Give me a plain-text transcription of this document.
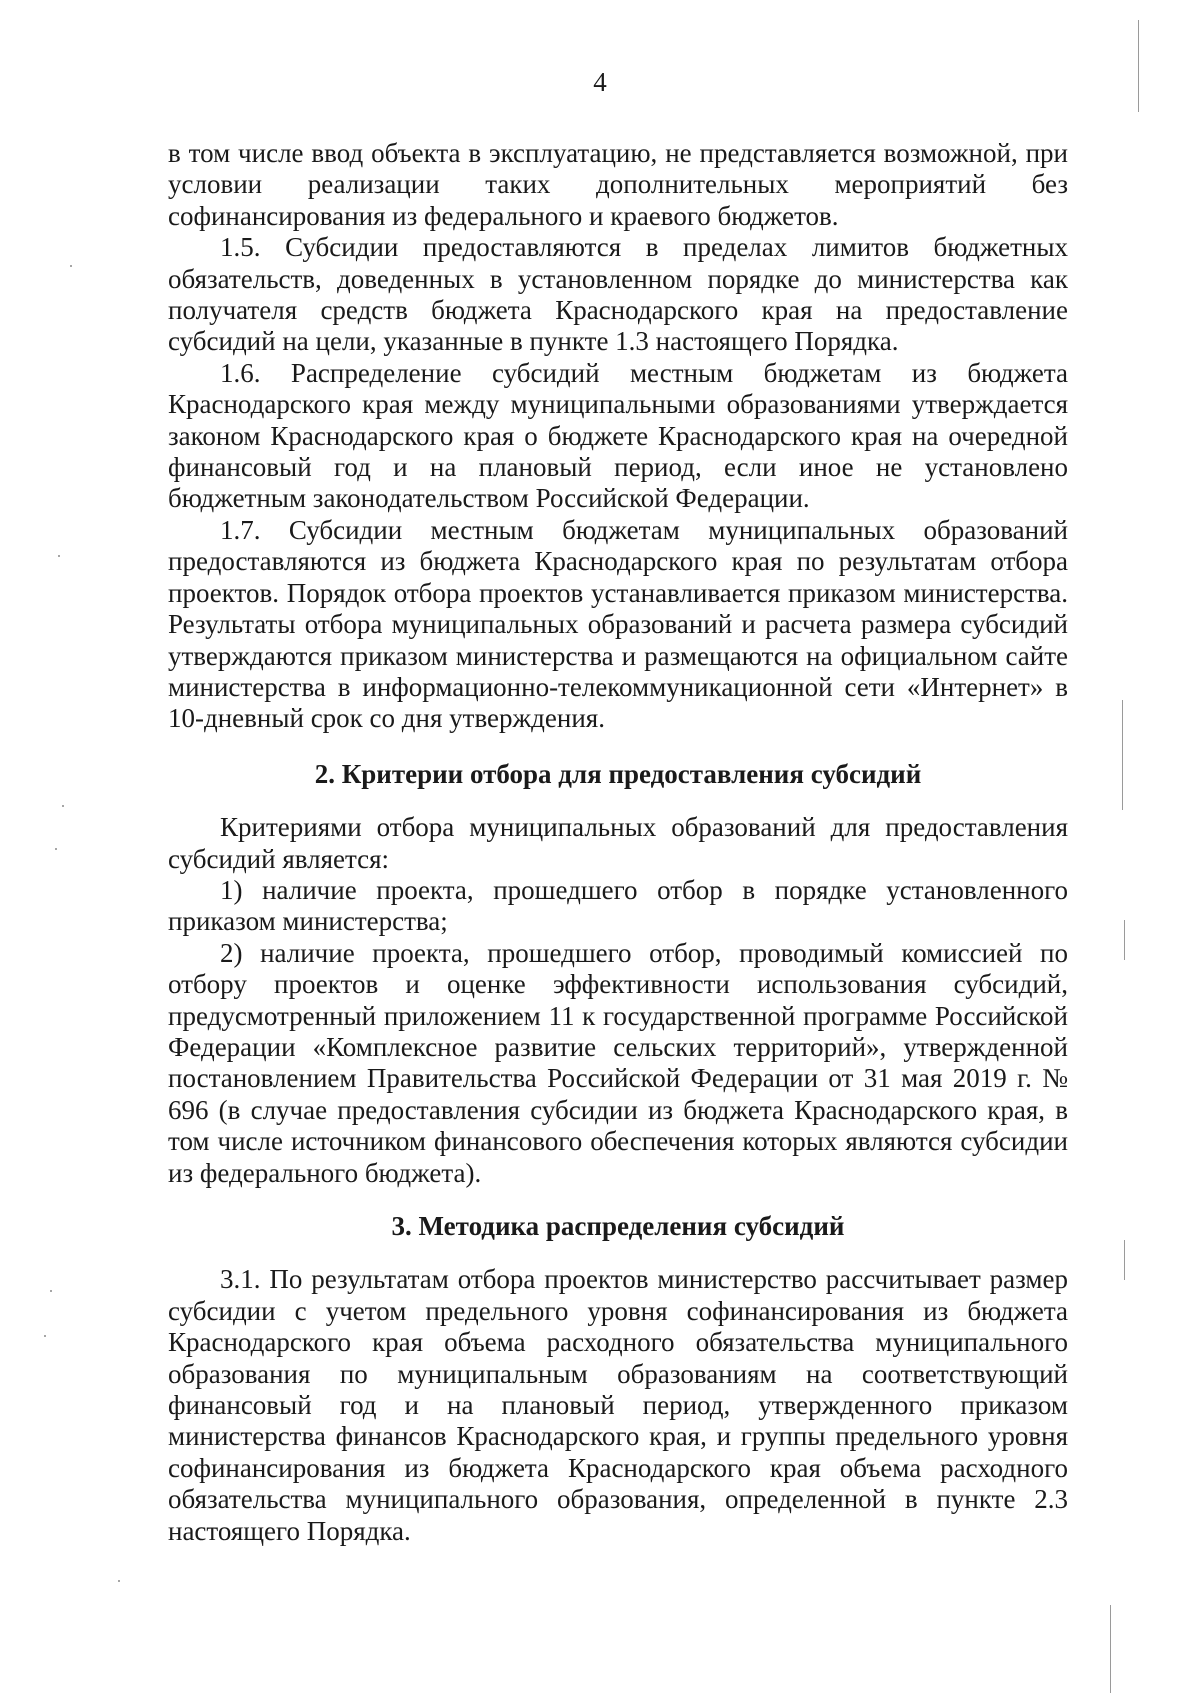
4

в том числе ввод объекта в эксплуатацию, не представляется возможной, при условии реализации таких дополнительных мероприятий без софинансирования из федерального и краевого бюджетов.

1.5. Субсидии предоставляются в пределах лимитов бюджетных обязательств, доведенных в установленном порядке до министерства как получателя средств бюджета Краснодарского края на предоставление субсидий на цели, указанные в пункте 1.3 настоящего Порядка.

1.6. Распределение субсидий местным бюджетам из бюджета Краснодарского края между муниципальными образованиями утверждается законом Краснодарского края о бюджете Краснодарского края на очередной финансовый год и на плановый период, если иное не установлено бюджетным законодательством Российской Федерации.

1.7. Субсидии местным бюджетам муниципальных образований предоставляются из бюджета Краснодарского края по результатам отбора проектов. Порядок отбора проектов устанавливается приказом министерства. Результаты отбора муниципальных образований и расчета размера субсидий утверждаются приказом министерства и размещаются на официальном сайте министерства в информационно-телекоммуникационной сети «Интернет» в 10-дневный срок со дня утверждения.

2. Критерии отбора для предоставления субсидий

Критериями отбора муниципальных образований для предоставления субсидий является:

1) наличие проекта, прошедшего отбор в порядке установленного приказом министерства;

2) наличие проекта, прошедшего отбор, проводимый комиссией по отбору проектов и оценке эффективности использования субсидий, предусмотренный приложением 11 к государственной программе Российской Федерации «Комплексное развитие сельских территорий», утвержденной постановлением Правительства Российской Федерации от 31 мая 2019 г. № 696 (в случае предоставления субсидии из бюджета Краснодарского края, в том числе источником финансового обеспечения которых являются субсидии из федерального бюджета).

3. Методика распределения субсидий

3.1. По результатам отбора проектов министерство рассчитывает размер субсидии с учетом предельного уровня софинансирования из бюджета Краснодарского края объема расходного обязательства муниципального образования по муниципальным образованиям на соответствующий финансовый год и на плановый период, утвержденного приказом министерства финансов Краснодарского края, и группы предельного уровня софинансирования из бюджета Краснодарского края объема расходного обязательства муниципального образования, определенной в пункте 2.3 настоящего Порядка.
